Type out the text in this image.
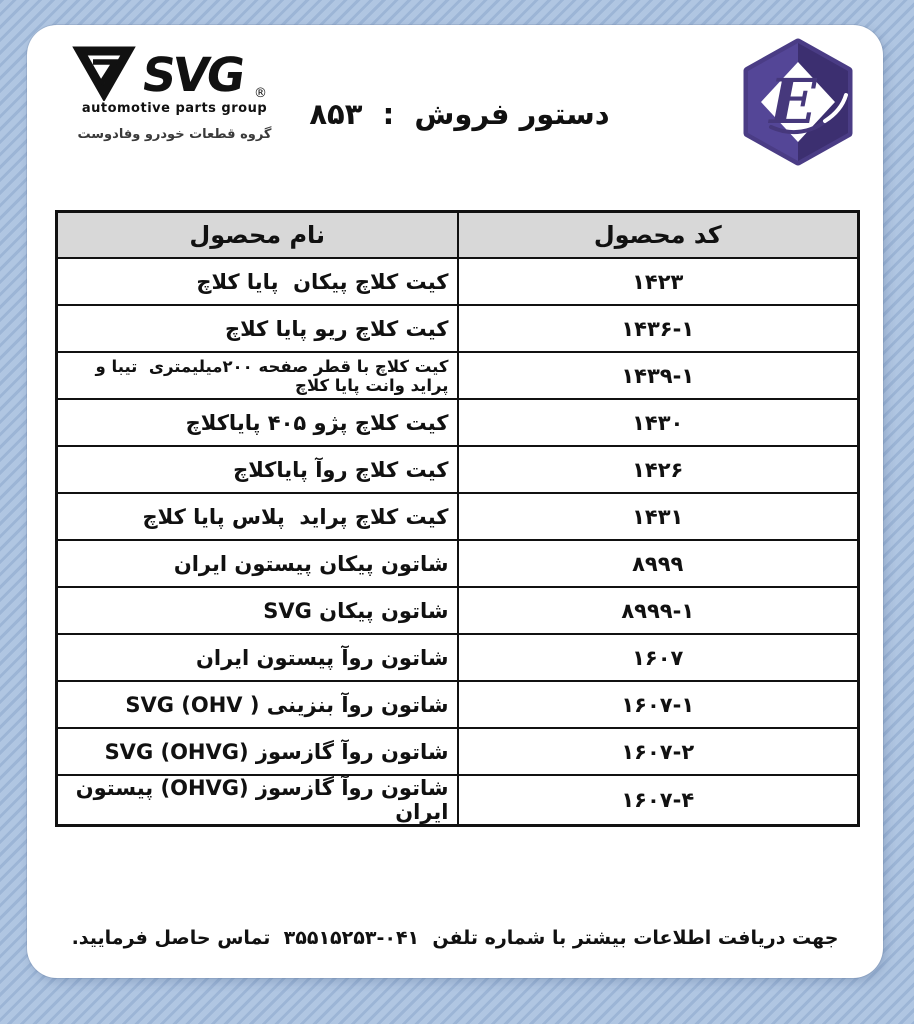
SVG ®
automotive parts group
گروه قطعات خودرو وفادوست
دستور فروش  :  ۸۵۳	E
کد محصول	نام محصول
۱۴۲۳	کیت کلاچ پیکان  پایا کلاچ
۱۴۳۶-۱	کیت کلاچ ریو پایا کلاچ
۱۴۳۹-۱	کیت کلاچ با قطر صفحه ۲۰۰میلیمتری  تیبا و پراید وانت پایا کلاچ
۱۴۳۰	کیت کلاچ پژو ۴۰۵ پایاکلاچ
۱۴۲۶	کیت کلاچ روآ پایاکلاچ
۱۴۳۱	کیت کلاچ پراید  پلاس پایا کلاچ
۸۹۹۹	شاتون پیکان پیستون ایران
۸۹۹۹-۱	شاتون پیکان SVG
۱۶۰۷	شاتون روآ پیستون ایران
۱۶۰۷-۱	شاتون روآ بنزینی SVG (OHV )‎
۱۶۰۷-۲	شاتون روآ گازسوز SVG (OHVG)‎
۱۶۰۷-۴	شاتون روآ گازسوز (OHVG) پیستون ایران
جهت دریافت اطلاعات بیشتر با شماره تلفن  ۰۴۱-۳۵۵۱۵۲۵۳  تماس حاصل فرمایید.
